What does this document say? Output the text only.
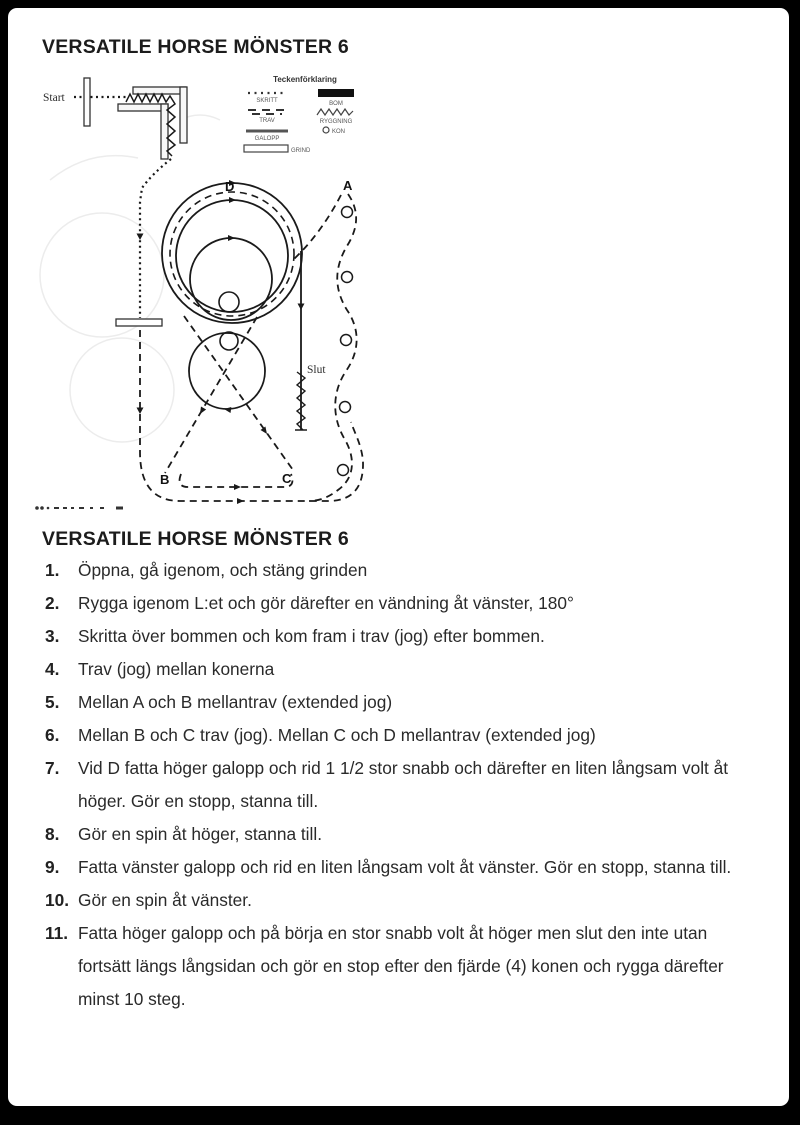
VERSATILE HORSE MÖNSTER 6
Teckenförklaring
SKRITT
TRAV
GALOPP
GRIND
BOM
RYGGNING
KON
Start
Slut
D	A
B	C
VERSATILE HORSE MÖNSTER 6
1.	Öppna, gå igenom, och stäng grinden
2.	Rygga igenom L:et och gör därefter en vändning åt vänster, 180°
3.	Skritta över bommen och kom fram i trav (jog) efter bommen.
4.	Trav (jog) mellan konerna
5.	Mellan A och B mellantrav (extended jog)
6.	Mellan B och C trav (jog). Mellan C och D mellantrav (extended jog)
7.	Vid D fatta höger galopp och rid 1 1/2 stor snabb och därefter en liten långsam volt åt höger. Gör en stopp, stanna till.
8.	Gör en spin åt höger, stanna till.
9.	Fatta vänster galopp och rid en liten långsam volt åt vänster. Gör en stopp, stanna till.
10. Gör en spin åt vänster.
11. Fatta höger galopp och på börja en stor snabb volt åt höger men slut den inte utan fortsätt längs långsidan och gör en stop efter den fjärde (4) konen och rygga därefter minst 10 steg.
